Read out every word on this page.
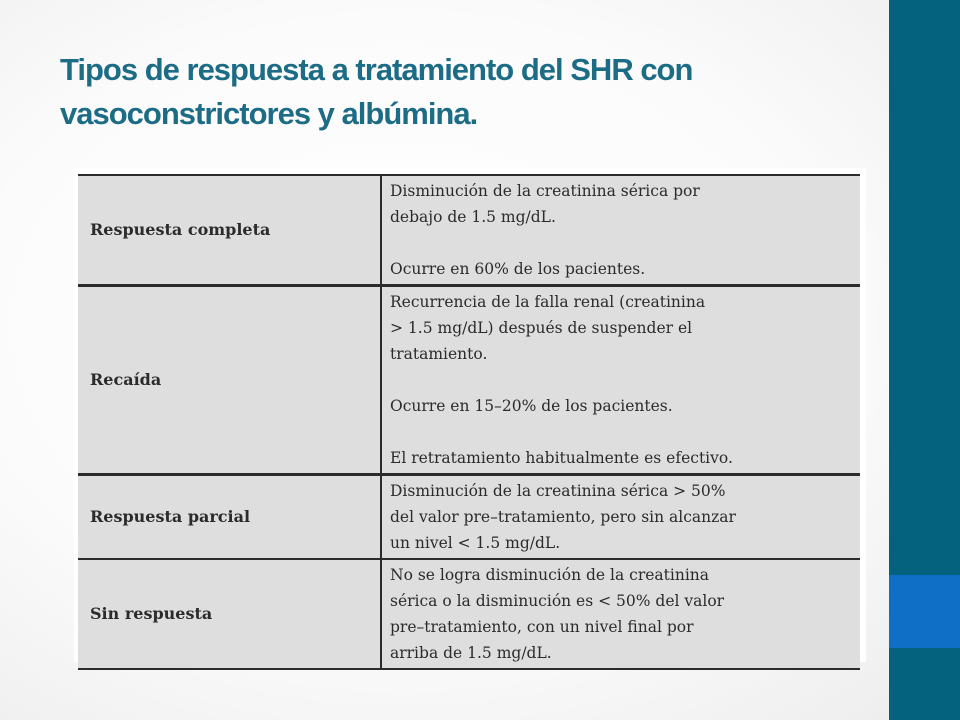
Tipos de respuesta a tratamiento del SHR con
vasoconstrictores y albúmina.
Respuesta completa	Disminución de la creatinina sérica por
debajo de 1.5 mg/dL.
Ocurre en 60% de los pacientes.

Recaída	Recurrencia de la falla renal (creatinina
> 1.5 mg/dL) después de suspender el
tratamiento.
Ocurre en 15–20% de los pacientes.
El retratamiento habitualmente es efectivo.

Respuesta parcial	Disminución de la creatinina sérica > 50%
del valor pre–tratamiento, pero sin alcanzar
un nivel < 1.5 mg/dL.

Sin respuesta	No se logra disminución de la creatinina
sérica o la disminución es < 50% del valor
pre–tratamiento, con un nivel final por
arriba de 1.5 mg/dL.
